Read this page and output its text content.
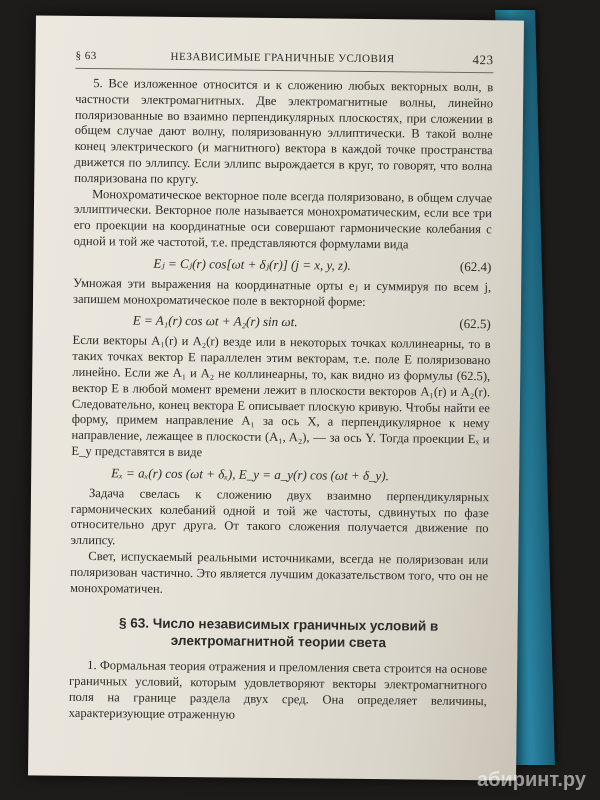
§ 63	НЕЗАВИСИМЫЕ ГРАНИЧНЫЕ УСЛОВИЯ	423

5. Все изложенное относится и к сложению любых векторных волн, в частности электромагнитных. Две электромагнитные волны, линейно поляризованные во взаимно перпендикулярных плоскостях, при сложении в общем случае дают волну, поляризованную эллиптически. В такой волне конец электрического (и магнитного) вектора в каждой точке пространства движется по эллипсу. Если эллипс вырождается в круг, то говорят, что волна поляризована по кругу.

Монохроматическое векторное поле всегда поляризовано, в общем случае эллиптически. Векторное поле называется монохроматическим, если все три его проекции на координатные оси совершают гармонические колебания с одной и той же частотой, т.е. представляются формулами вида

Eⱼ = Cⱼ(r) cos[ωt + δⱼ(r)] (j = x, y, z).	(62.4)

Умножая эти выражения на координатные орты eⱼ и суммируя по всем j, запишем монохроматическое поле в векторной форме:

E = A₁(r) cos ωt + A₂(r) sin ωt.	(62.5)

Если векторы A₁(r) и A₂(r) везде или в некоторых точках коллинеарны, то в таких точках вектор E параллелен этим векторам, т.е. поле E поляризовано линейно. Если же A₁ и A₂ не коллинеарны, то, как видно из формулы (62.5), вектор E в любой момент времени лежит в плоскости векторов A₁(r) и A₂(r). Следовательно, конец вектора E описывает плоскую кривую. Чтобы найти ее форму, примем направление A₁ за ось X, а перпендикулярное к нему направление, лежащее в плоскости (A₁, A₂), — за ось Y. Тогда проекции Eₓ и E_y представятся в виде

Eₓ = aₓ(r) cos (ωt + δₓ), E_y = a_y(r) cos (ωt + δ_y).

Задача свелась к сложению двух взаимно перпендикулярных гармонических колебаний одной и той же частоты, сдвинутых по фазе относительно друг друга. От такого сложения получается движение по эллипсу.

Свет, испускаемый реальными источниками, всегда не поляризован или поляризован частично. Это является лучшим доказательством того, что он не монохроматичен.

§ 63. Число независимых граничных условий в электромагнитной теории света

1. Формальная теория отражения и преломления света строится на основе граничных условий, которым удовлетворяют векторы электромагнитного поля на границе раздела двух сред. Она определяет величины, характеризующие отраженную

абиринт.ру
